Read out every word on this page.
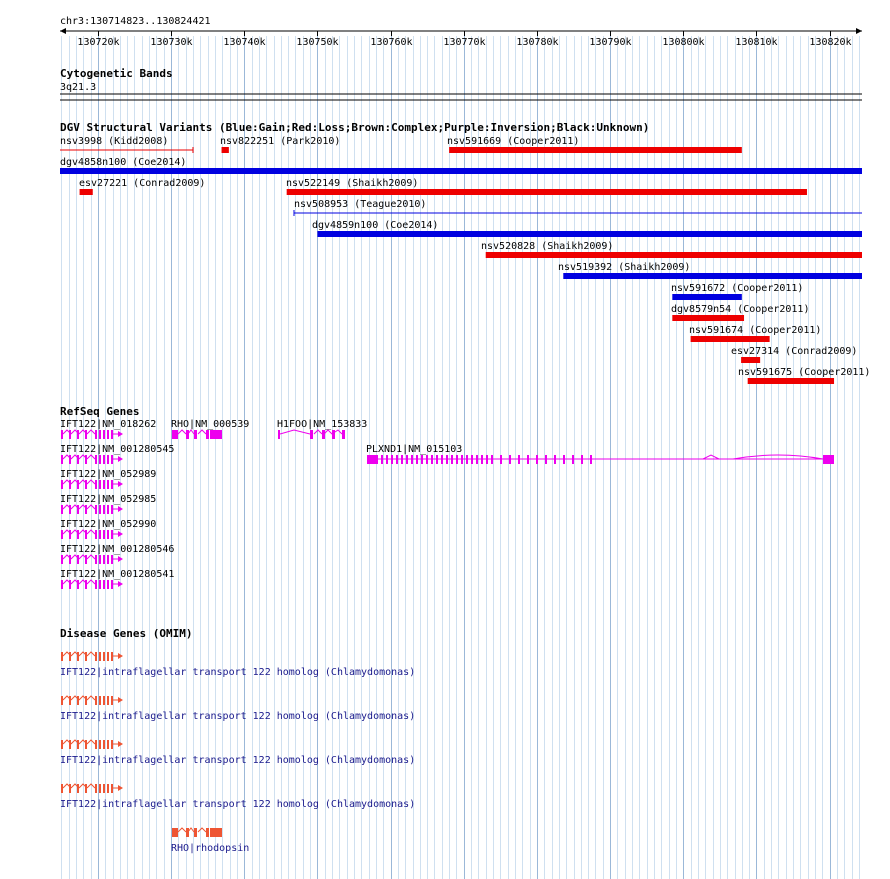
chr3:130714823..130824421
130720k	130730k	130740k	130750k	130760k	130770k	130780k	130790k	130800k	130810k	130820k
Cytogenetic Bands
3q21.3
DGV Structural Variants (Blue:Gain;Red:Loss;Brown:Complex;Purple:Inversion;Black:Unknown)
nsv3998 (Kidd2008)	nsv822251 (Park2010)	nsv591669 (Cooper2011)
dgv4858n100 (Coe2014)
esv27221 (Conrad2009)	nsv522149 (Shaikh2009)
nsv508953 (Teague2010)
dgv4859n100 (Coe2014)
nsv520828 (Shaikh2009)
nsv519392 (Shaikh2009)
nsv591672 (Cooper2011)
dgv8579n54 (Cooper2011)
nsv591674 (Cooper2011)
esv27314 (Conrad2009)
nsv591675 (Cooper2011)
RefSeq Genes
IFT122|NM_018262 RHO|NM_000539	H1FOO|NM_153833
IFT122|NM_001280545	PLXND1|NM_015103
IFT122|NM_052989
IFT122|NM_052985
IFT122|NM_052990
IFT122|NM_001280546
IFT122|NM_001280541
Disease Genes (OMIM)
IFT122|intraflagellar transport 122 homolog (Chlamydomonas)
IFT122|intraflagellar transport 122 homolog (Chlamydomonas)
IFT122|intraflagellar transport 122 homolog (Chlamydomonas)
IFT122|intraflagellar transport 122 homolog (Chlamydomonas)
RHO|rhodopsin
